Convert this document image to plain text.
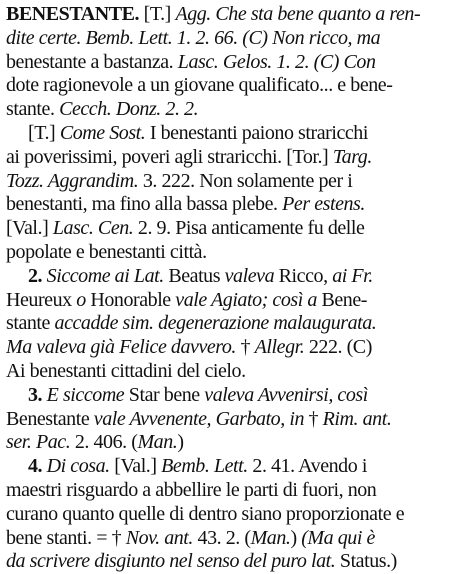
BENESTANTE. [T.] Agg. Che sta bene quanto a ren-
dite certe. Bemb. Lett. 1. 2. 66. (C) Non ricco, ma
benestante a bastanza. Lasc. Gelos. 1. 2. (C) Con
dote ragionevole a un giovane qualificato... e bene-
stante. Cecch. Donz. 2. 2.
[T.] Come Sost. I benestanti paiono straricchi
ai poverissimi, poveri agli straricchi. [Tor.] Targ.
Tozz. Aggrandim. 3. 222. Non solamente per i
benestanti, ma fino alla bassa plebe. Per estens.
[Val.] Lasc. Cen. 2. 9. Pisa anticamente fu delle
popolate e benestanti città.
2. Siccome ai Lat. Beatus valeva Ricco, ai Fr.
Heureux o Honorable vale Agiato; così a Bene-
stante accadde sim. degenerazione malaugurata.
Ma valeva già Felice davvero. † Allegr. 222. (C)
Ai benestanti cittadini del cielo.
3. E siccome Star bene valeva Avvenirsi, così
Benestante vale Avvenente, Garbato, in † Rim. ant.
ser. Pac. 2. 406. (Man.)
4. Di cosa. [Val.] Bemb. Lett. 2. 41. Avendo i
maestri risguardo a abbellire le parti di fuori, non
curano quanto quelle di dentro siano proporzionate e
bene stanti. = † Nov. ant. 43. 2. (Man.) (Ma qui è
da scrivere disgiunto nel senso del puro lat. Status.)
